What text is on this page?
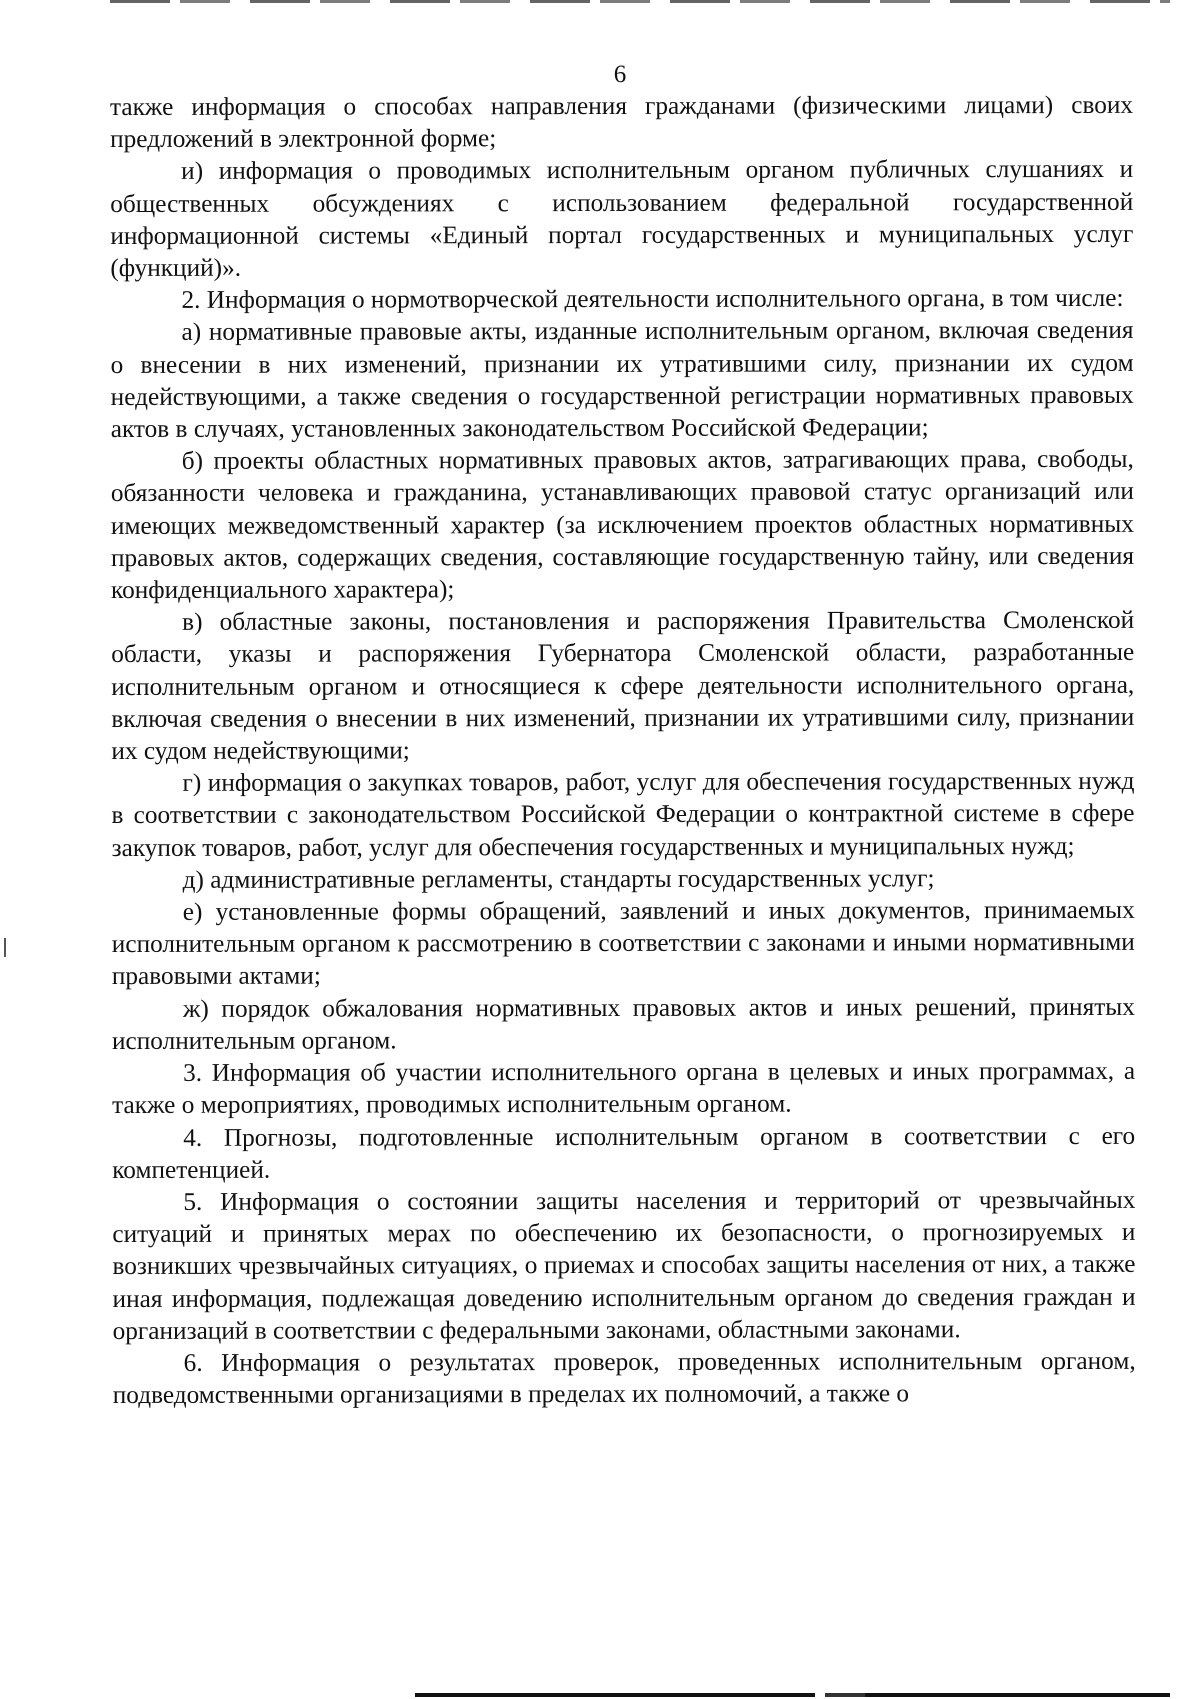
6

также информация о способах направления гражданами (физическими лицами) своих предложений в электронной форме;

и) информация о проводимых исполнительным органом публичных слушаниях и общественных обсуждениях с использованием федеральной государственной информационной системы «Единый портал государственных и муниципальных услуг (функций)».

2. Информация о нормотворческой деятельности исполнительного органа, в том числе:

а) нормативные правовые акты, изданные исполнительным органом, включая сведения о внесении в них изменений, признании их утратившими силу, признании их судом недействующими, а также сведения о государственной регистрации нормативных правовых актов в случаях, установленных законодательством Российской Федерации;

б) проекты областных нормативных правовых актов, затрагивающих права, свободы, обязанности человека и гражданина, устанавливающих правовой статус организаций или имеющих межведомственный характер (за исключением проектов областных нормативных правовых актов, содержащих сведения, составляющие государственную тайну, или сведения конфиденциального характера);

в) областные законы, постановления и распоряжения Правительства Смоленской области, указы и распоряжения Губернатора Смоленской области, разработанные исполнительным органом и относящиеся к сфере деятельности исполнительного органа, включая сведения о внесении в них изменений, признании их утратившими силу, признании их судом недействующими;

г) информация о закупках товаров, работ, услуг для обеспечения государственных нужд в соответствии с законодательством Российской Федерации о контрактной системе в сфере закупок товаров, работ, услуг для обеспечения государственных и муниципальных нужд;

д) административные регламенты, стандарты государственных услуг;

е) установленные формы обращений, заявлений и иных документов, принимаемых исполнительным органом к рассмотрению в соответствии с законами и иными нормативными правовыми актами;

ж) порядок обжалования нормативных правовых актов и иных решений, принятых исполнительным органом.

3. Информация об участии исполнительного органа в целевых и иных программах, а также о мероприятиях, проводимых исполнительным органом.

4. Прогнозы, подготовленные исполнительным органом в соответствии с его компетенцией.

5. Информация о состоянии защиты населения и территорий от чрезвычайных ситуаций и принятых мерах по обеспечению их безопасности, о прогнозируемых и возникших чрезвычайных ситуациях, о приемах и способах защиты населения от них, а также иная информация, подлежащая доведению исполнительным органом до сведения граждан и организаций в соответствии с федеральными законами, областными законами.

6. Информация о результатах проверок, проведенных исполнительным органом, подведомственными организациями в пределах их полномочий, а также о
